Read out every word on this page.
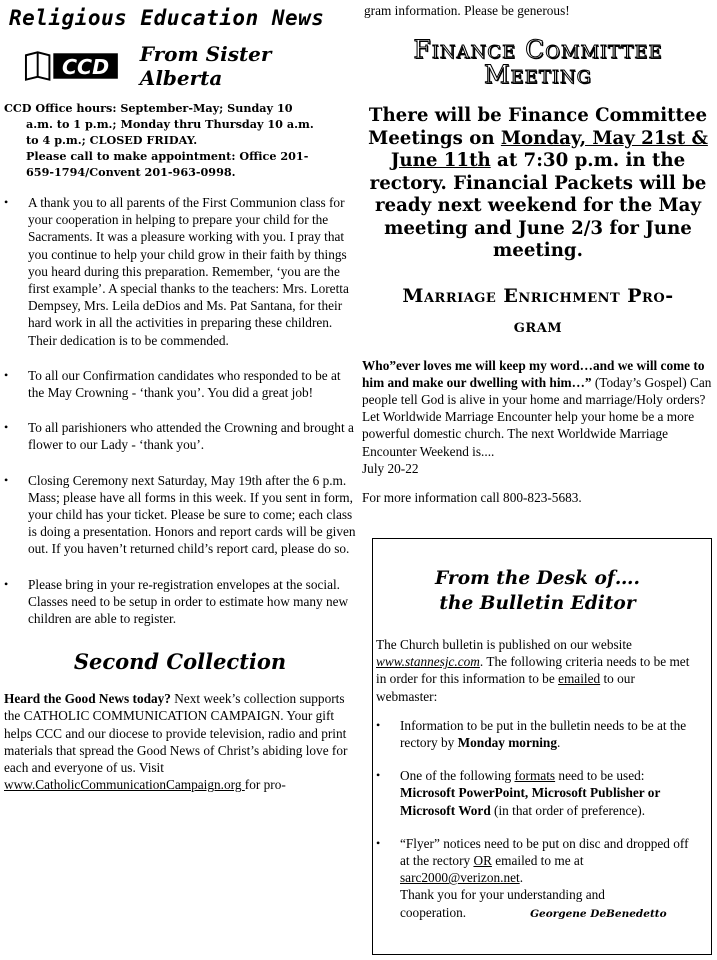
Religious Education News
CCD
From Sister Alberta

CCD Office hours: September-May; Sunday 10

a.m. to 1 p.m.; Monday thru Thursday 10 a.m.

to 4 p.m.; CLOSED FRIDAY.

Please call to make appointment: Office 201-

659-1794/Convent 201-963-0998.

• A thank you to all parents of the First Communion class for your cooperation in helping to prepare your child for the Sacraments. It was a pleasure working with you. I pray that you continue to help your child grow in their faith by things you heard during this preparation. Remember, ‘you are the first example’. A special thanks to the teachers: Mrs. Loretta Dempsey, Mrs. Leila deDios and Ms. Pat Santana, for their hard work in all the activities in preparing these children. Their dedication is to be commended.
• To all our Confirmation candidates who responded to be at the May Crowning - ‘thank you’. You did a great job!
• To all parishioners who attended the Crowning and brought a flower to our Lady - ‘thank you’.
• Closing Ceremony next Saturday, May 19th after the 6 p.m. Mass; please have all forms in this week. If you sent in form, your child has your ticket. Please be sure to come; each class is doing a presentation. Honors and report cards will be given out. If you haven’t returned child’s report card, please do so.
• Please bring in your re-registration envelopes at the social. Classes need to be setup in order to estimate how many new children are able to register.
Second Collection

Heard the Good News today? Next week’s collection supports the CATHOLIC COMMUNICATION CAMPAIGN. Your gift helps CCC and our diocese to provide television, radio and print materials that spread the Good News of Christ’s abiding love for each and everyone of us. Visit www.CatholicCommunicationCampaign.org for pro-

gram information. Please be generous!
Finance Committee
Meeting
There will be Finance Committee Meetings on Monday, May 21st & June 11th at 7:30 p.m. in the rectory. Financial Packets will be ready next weekend for the May meeting and June 2/3 for June meeting.
Marriage Enrichment Pro-
gram
Who”ever loves me will keep my word…and we will come to him and make our dwelling with him…” (Today’s Gospel) Can people tell God is alive in your home and marriage/Holy orders? Let Worldwide Marriage Encounter help your home be a more powerful domestic church. The next Worldwide Marriage Encounter Weekend is....
July 20-22
For more information call 800-823-5683.
From the Desk of….
the Bulletin Editor
The Church bulletin is published on our website www.stannesjc.com. The following criteria needs to be met in order for this information to be emailed to our webmaster:
• Information to be put in the bulletin needs to be at the rectory by Monday morning.
• One of the following formats need to be used: Microsoft PowerPoint, Microsoft Publisher or Microsoft Word (in that order of preference).
• “Flyer” notices need to be put on disc and dropped off at the rectory OR emailed to me at sarc2000@verizon.net.
Thank you for your understanding and cooperation.	Georgene DeBenedetto
